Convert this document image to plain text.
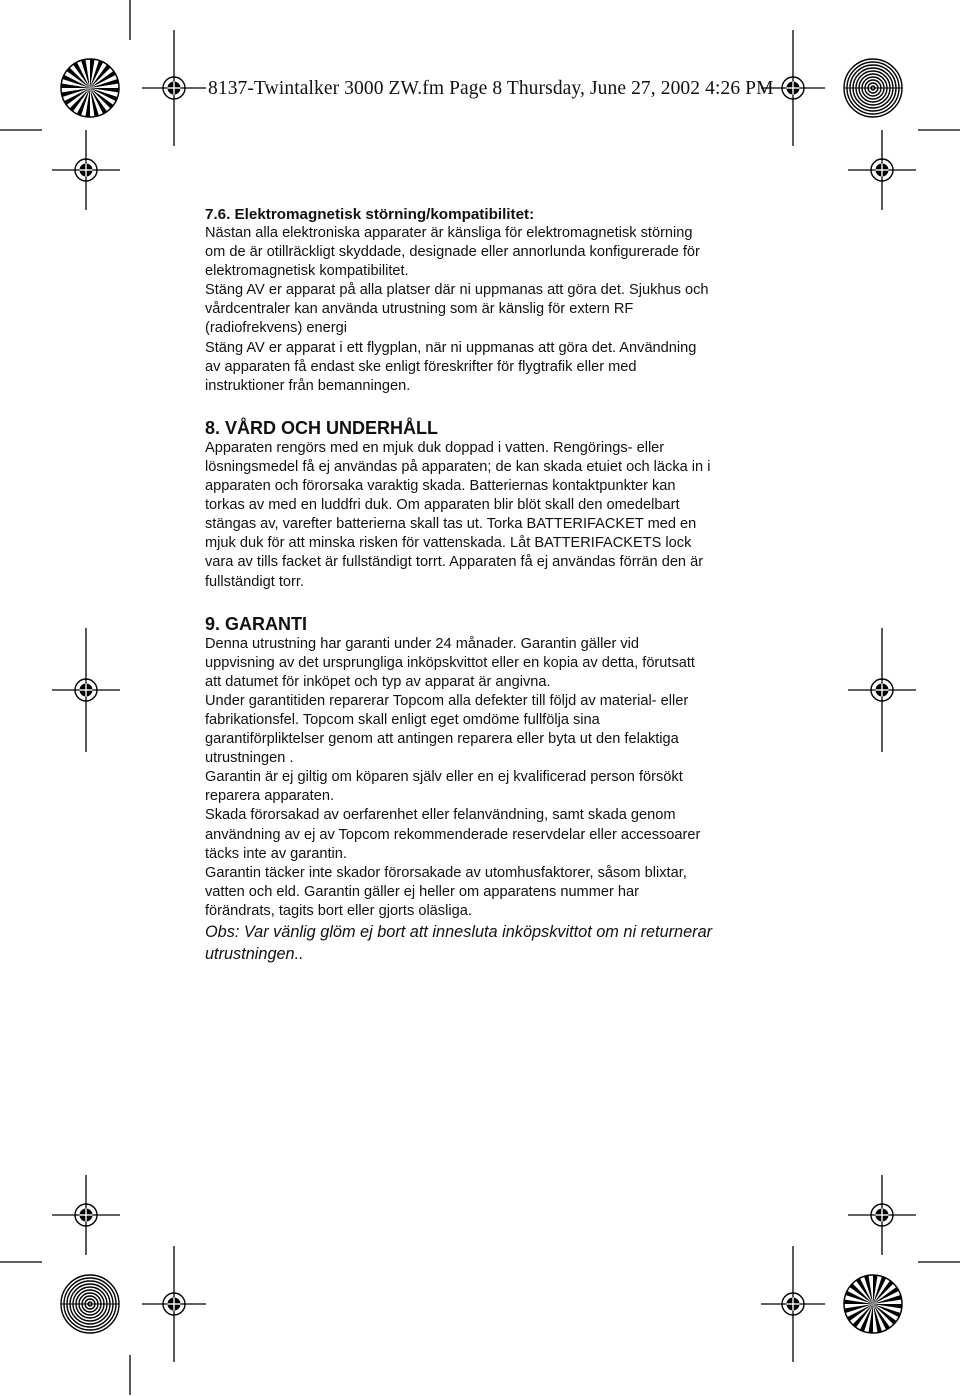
8137-Twintalker 3000 ZW.fm Page 8 Thursday, June 27, 2002 4:26 PM
7.6. Elektromagnetisk störning/kompatibilitet:
Nästan alla elektroniska apparater är känsliga för elektromagnetisk störning
om de är otillräckligt skyddade, designade eller annorlunda konfigurerade för
elektromagnetisk kompatibilitet.
Stäng AV er apparat på alla platser där ni uppmanas att göra det. Sjukhus och
vårdcentraler kan använda utrustning som är känslig för extern RF
(radiofrekvens) energi
Stäng AV er apparat i ett flygplan, när ni uppmanas att göra det. Användning
av apparaten få endast ske enligt föreskrifter för flygtrafik eller med
instruktioner från bemanningen.
8. VÅRD OCH UNDERHÅLL
Apparaten rengörs med en mjuk duk doppad i vatten. Rengörings- eller
lösningsmedel få ej användas på apparaten; de kan skada etuiet och läcka in i
apparaten och förorsaka varaktig skada. Batteriernas kontaktpunkter kan
torkas av med en luddfri duk. Om apparaten blir blöt skall den omedelbart
stängas av, varefter batterierna skall tas ut. Torka BATTERIFACKET med en
mjuk duk för att minska risken för vattenskada. Låt BATTERIFACKETS lock
vara av tills facket är fullständigt torrt. Apparaten få ej användas förrän den är
fullständigt torr.
9. GARANTI
Denna utrustning har garanti under 24 månader. Garantin gäller vid
uppvisning av det ursprungliga inköpskvittot eller en kopia av detta, förutsatt
att datumet för inköpet och typ av apparat är angivna.
Under garantitiden reparerar Topcom alla defekter till följd av material- eller
fabrikationsfel. Topcom skall enligt eget omdöme fullfölja sina
garantiförpliktelser genom att antingen reparera eller byta ut den felaktiga
utrustningen .
Garantin är ej giltig om köparen själv eller en ej kvalificerad person försökt
reparera apparaten.
Skada förorsakad av oerfarenhet eller felanvändning, samt skada genom
användning av ej av Topcom rekommenderade reservdelar eller accessoarer
täcks inte av garantin.
Garantin täcker inte skador förorsakade av utomhusfaktorer, såsom blixtar,
vatten och eld. Garantin gäller ej heller om apparatens nummer har
förändrats, tagits bort eller gjorts oläsliga.
Obs: Var vänlig glöm ej bort att innesluta inköpskvittot om ni returnerar
utrustningen..
